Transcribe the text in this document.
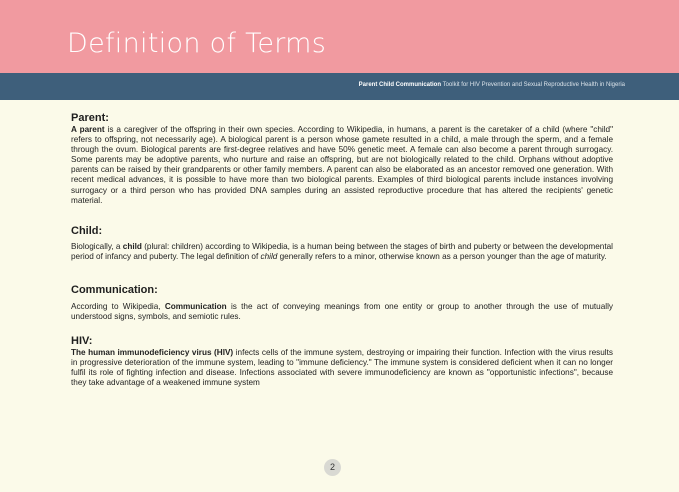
Definition of Terms
Parent Child Communication Toolkit for HIV Prevention and Sexual Reproductive Health in Nigeria
Parent:

A parent is a caregiver of the offspring in their own species. According to Wikipedia, in humans, a parent is the caretaker of a child (where "child" refers to offspring, not necessarily age). A biological parent is a person whose gamete resulted in a child, a male through the sperm, and a female through the ovum. Biological parents are first-degree relatives and have 50% genetic meet. A female can also become a parent through surrogacy. Some parents may be adoptive parents, who nurture and raise an offspring, but are not biologically related to the child. Orphans without adoptive parents can be raised by their grandparents or other family members. A parent can also be elaborated as an ancestor removed one generation. With recent medical advances, it is possible to have more than two biological parents. Examples of third biological parents include instances involving surrogacy or a third person who has provided DNA samples during an assisted reproductive procedure that has altered the recipients' genetic material.

Child:

Biologically, a child (plural: children) according to Wikipedia, is a human being between the stages of birth and puberty or between the developmental period of infancy and puberty. The legal definition of child generally refers to a minor, otherwise known as a person younger than the age of maturity.

Communication:

According to Wikipedia, Communication is the act of conveying meanings from one entity or group to another through the use of mutually understood signs, symbols, and semiotic rules.

HIV:

The human immunodeficiency virus (HIV) infects cells of the immune system, destroying or impairing their function. Infection with the virus results in progressive deterioration of the immune system, leading to "immune deficiency." The immune system is considered deficient when it can no longer fulfil its role of fighting infection and disease. Infections associated with severe immunodeficiency are known as "opportunistic infections", because they take advantage of a weakened immune system

2
